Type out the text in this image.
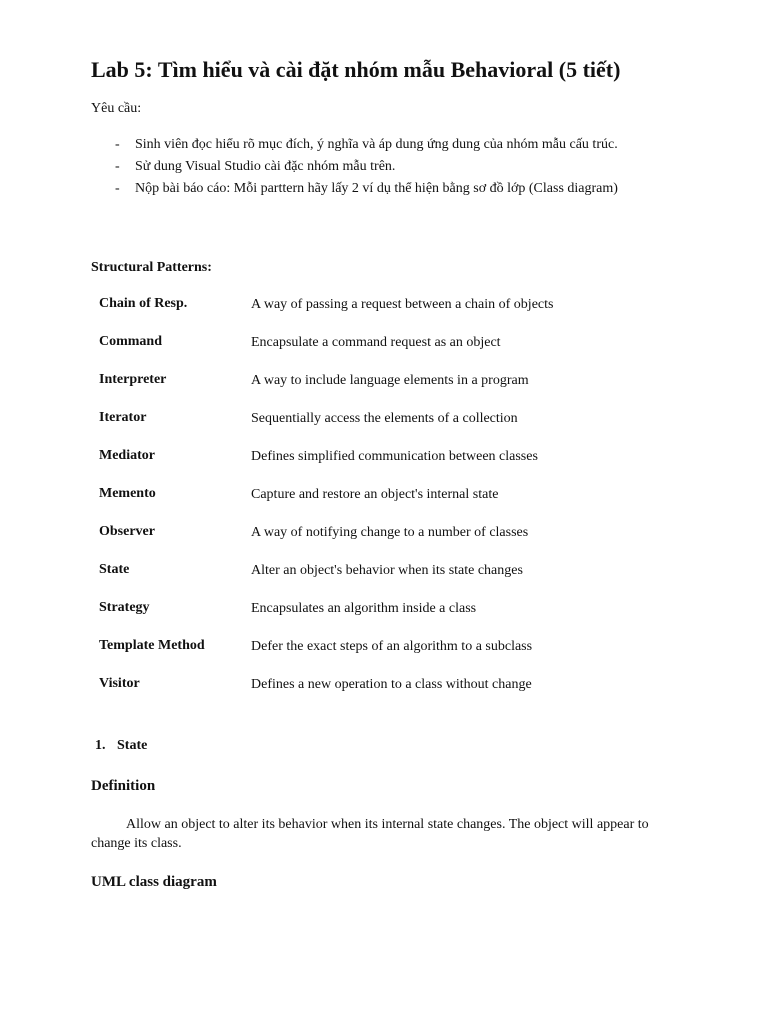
Lab 5: Tìm hiểu và cài đặt nhóm mẫu Behavioral (5 tiết)
Yêu cầu:
- Sinh viên đọc hiểu rõ mục đích, ý nghĩa và áp dung ứng dung của nhóm mẫu cấu trúc.
- Sử dung Visual Studio cài đặc nhóm mẫu trên.
- Nộp bài báo cáo: Mỗi parttern hãy lấy 2 ví dụ thể hiện bằng sơ đồ lớp (Class diagram)
Structural Patterns:
Chain of Resp.	A way of passing a request between a chain of objects
Command	Encapsulate a command request as an object
Interpreter	A way to include language elements in a program
Iterator	Sequentially access the elements of a collection
Mediator	Defines simplified communication between classes
Memento	Capture and restore an object's internal state
Observer	A way of notifying change to a number of classes
State	Alter an object's behavior when its state changes
Strategy	Encapsulates an algorithm inside a class
Template Method	Defer the exact steps of an algorithm to a subclass
Visitor	Defines a new operation to a class without change
1. State
Definition

Allow an object to alter its behavior when its internal state changes. The object will appear to change its class.

UML class diagram
